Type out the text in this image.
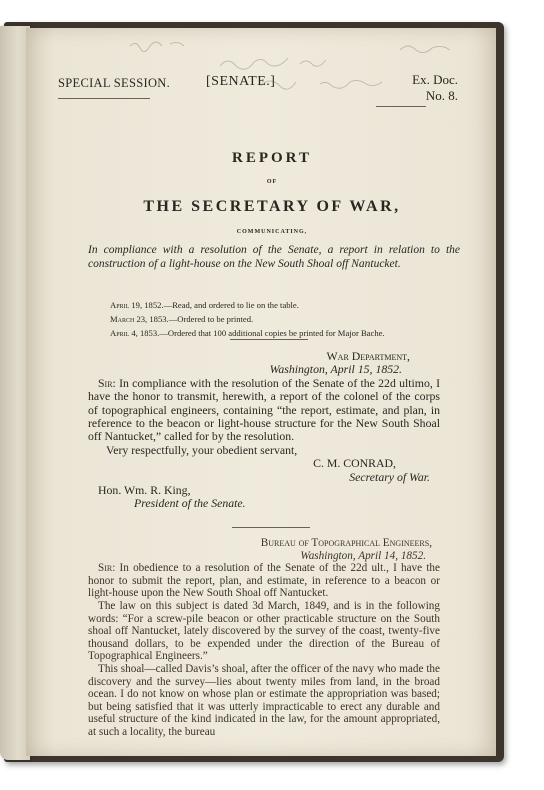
SPECIAL SESSION.	[SENATE.]	Ex. Doc.
No. 8.
REPORT
OF
THE SECRETARY OF WAR,
COMMUNICATING,
In compliance with a resolution of the Senate, a report in relation to the construction of a light-house on the New South Shoal off Nantucket.
April 19, 1852.—Read, and ordered to lie on the table.
March 23, 1853.—Ordered to be printed.
April 4, 1853.—Ordered that 100 additional copies be printed for Major Bache.
War Department,
Washington, April 15, 1852.
Sir: In compliance with the resolution of the Senate of the 22d ultimo, I have the honor to transmit, herewith, a report of the colonel of the corps of topographical engineers, containing “the report, estimate, and plan, in reference to the beacon or light-house structure for the New South Shoal off Nantucket,” called for by the resolution.
Very respectfully, your obedient servant,
C. M. CONRAD,
Secretary of War.
Hon. Wm. R. King,
President of the Senate.
Bureau of Topographical Engineers,
Washington, April 14, 1852.
Sir: In obedience to a resolution of the Senate of the 22d ult., I have the honor to submit the report, plan, and estimate, in reference to a beacon or light-house upon the New South Shoal off Nantucket.
The law on this subject is dated 3d March, 1849, and is in the following words: “For a screw-pile beacon or other practicable structure on the South shoal off Nantucket, lately discovered by the survey of the coast, twenty-five thousand dollars, to be expended under the direction of the Bureau of Topographical Engineers.”
This shoal—called Davis’s shoal, after the officer of the navy who made the discovery and the survey—lies about twenty miles from land, in the broad ocean. I do not know on whose plan or estimate the appropriation was based; but being satisfied that it was utterly impracticable to erect any durable and useful structure of the kind indicated in the law, for the amount appropriated, at such a locality, the bureau
